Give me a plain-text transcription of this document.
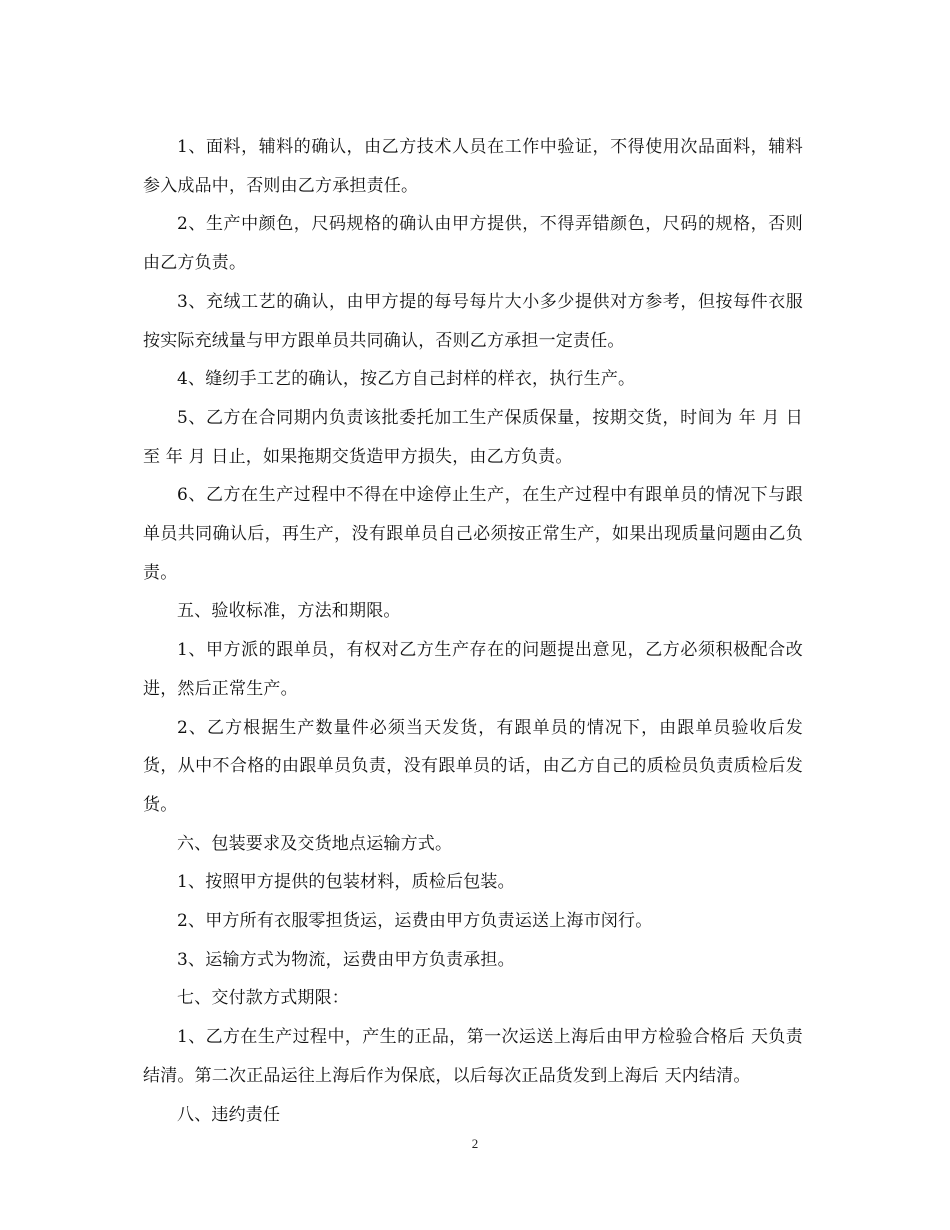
1、面料，辅料的确认，由乙方技术人员在工作中验证，不得使用次品面料，辅料参入成品中，否则由乙方承担责任。

2、生产中颜色，尺码规格的确认由甲方提供，不得弄错颜色，尺码的规格，否则由乙方负责。

3、充绒工艺的确认，由甲方提的每号每片大小多少提供对方参考，但按每件衣服按实际充绒量与甲方跟单员共同确认，否则乙方承担一定责任。

4、缝纫手工艺的确认，按乙方自己封样的样衣，执行生产。

5、乙方在合同期内负责该批委托加工生产保质保量，按期交货，时间为 年 月 日至 年 月 日止，如果拖期交货造甲方损失，由乙方负责。

6、乙方在生产过程中不得在中途停止生产，在生产过程中有跟单员的情况下与跟单员共同确认后，再生产，没有跟单员自己必须按正常生产，如果出现质量问题由乙负责。

五、验收标准，方法和期限。

1、甲方派的跟单员，有权对乙方生产存在的问题提出意见，乙方必须积极配合改进，然后正常生产。

2、乙方根据生产数量件必须当天发货，有跟单员的情况下，由跟单员验收后发货，从中不合格的由跟单员负责，没有跟单员的话，由乙方自己的质检员负责质检后发货。

六、包装要求及交货地点运输方式。

1、按照甲方提供的包装材料，质检后包装。

2、甲方所有衣服零担货运，运费由甲方负责运送上海市闵行。

3、运输方式为物流，运费由甲方负责承担。

七、交付款方式期限：

1、乙方在生产过程中，产生的正品，第一次运送上海后由甲方检验合格后 天负责结清。第二次正品运往上海后作为保底，以后每次正品货发到上海后 天内结清。

八、违约责任

2
